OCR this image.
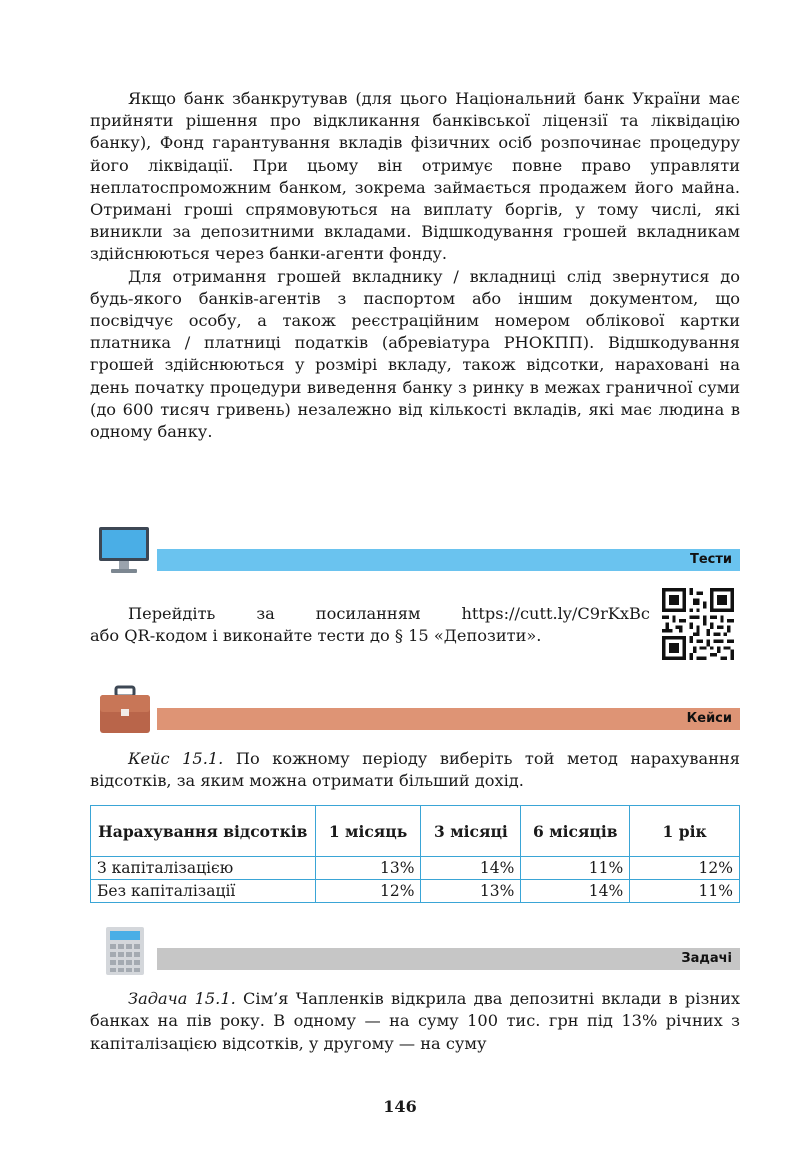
Якщо банк збанкрутував (для цього Національний банк України має прийняти рішення про відкликання банківської ліцензії та ліквідацію банку), Фонд гарантування вкладів фізичних осіб розпочинає процедуру його ліквідації. При цьому він отримує повне право управляти неплатоспроможним банком, зокрема займається продажем його майна. Отримані гроші спрямовуються на виплату боргів, у тому числі, які виникли за депозитними вкладами. Відшкодування грошей вкладникам здійснюються через банки-агенти фонду.

Для отримання грошей вкладнику / вкладниці слід звернутися до будь-якого банків-агентів з паспортом або іншим документом, що посвідчує особу, а також реєстраційним номером облікової картки платника / платниці податків (абревіатура РНОКПП). Відшкодування грошей здійснюються у розмірі вкладу, також відсотки, нараховані на день початку процедури виведення банку з ринку в межах граничної суми (до 600 тисяч гривень) незалежно від кількості вкладів, які має людина в одному банку.

Тести

Перейдіть за посиланням https://cutt.ly/C9rKxBc

або QR-кодом і виконайте тести до § 15 «Депозити».

Кейси

Кейс 15.1. По кожному періоду виберіть той метод нарахування відсотків, за яким можна отримати більший дохід.

Нарахування відсотків	1 місяць	3 місяці	6 місяців	1 рік
З капіталізацією	13%	14%	11%	12%
Без капіталізації	12%	13%	14%	11%
Задачі

Задача 15.1. Сім’я Чапленків відкрила два депозитні вклади в різних банках на пів року. В одному — на суму 100 тис. грн під 13% річних з капіталізацією відсотків, у другому — на суму

146
